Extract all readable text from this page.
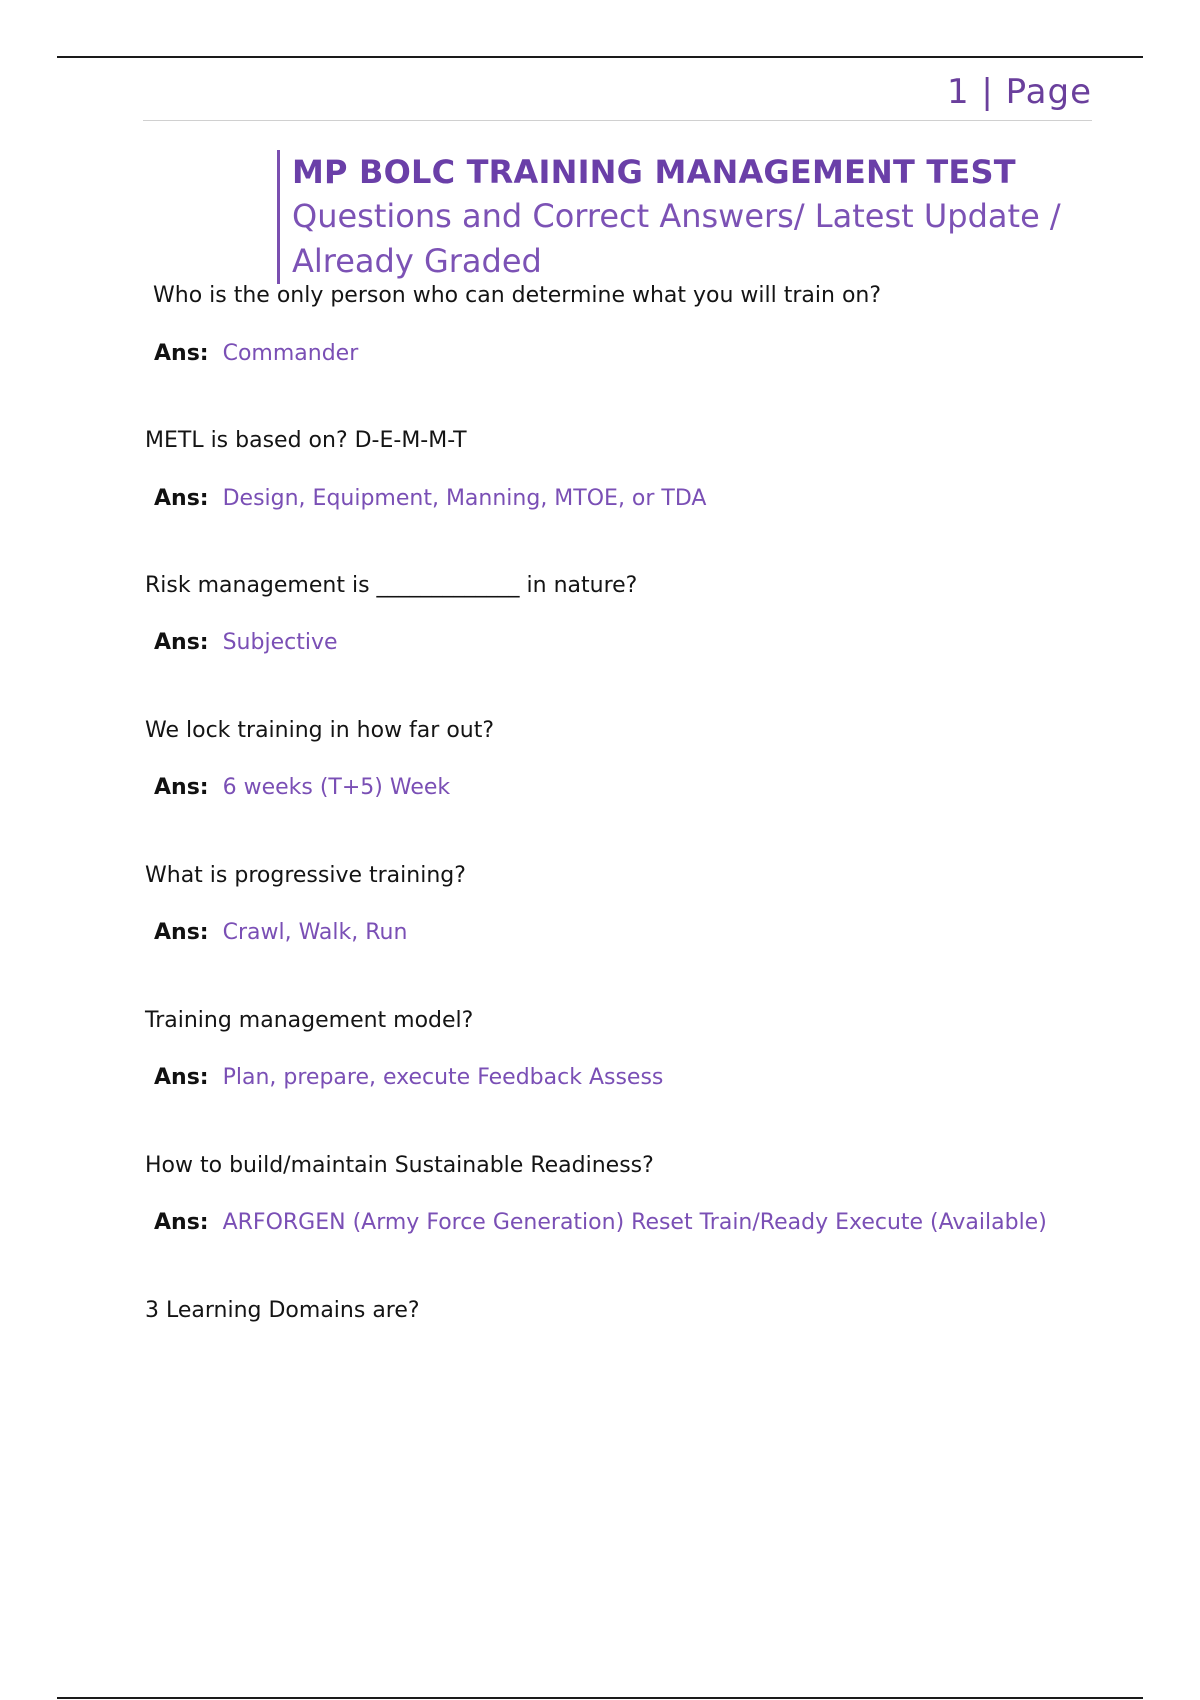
1 | Page
MP BOLC TRAINING MANAGEMENT TEST
Questions and Correct Answers/ Latest Update /
Already Graded
Who is the only person who can determine what you will train on?
Ans: Commander
METL is based on? D-E-M-M-T
Ans: Design, Equipment, Manning, MTOE, or TDA
Risk management is _____________ in nature?
Ans: Subjective
We lock training in how far out?
Ans: 6 weeks (T+5) Week
What is progressive training?
Ans: Crawl, Walk, Run
Training management model?
Ans: Plan, prepare, execute Feedback Assess
How to build/maintain Sustainable Readiness?
Ans: ARFORGEN (Army Force Generation) Reset Train/Ready Execute (Available)
3 Learning Domains are?
